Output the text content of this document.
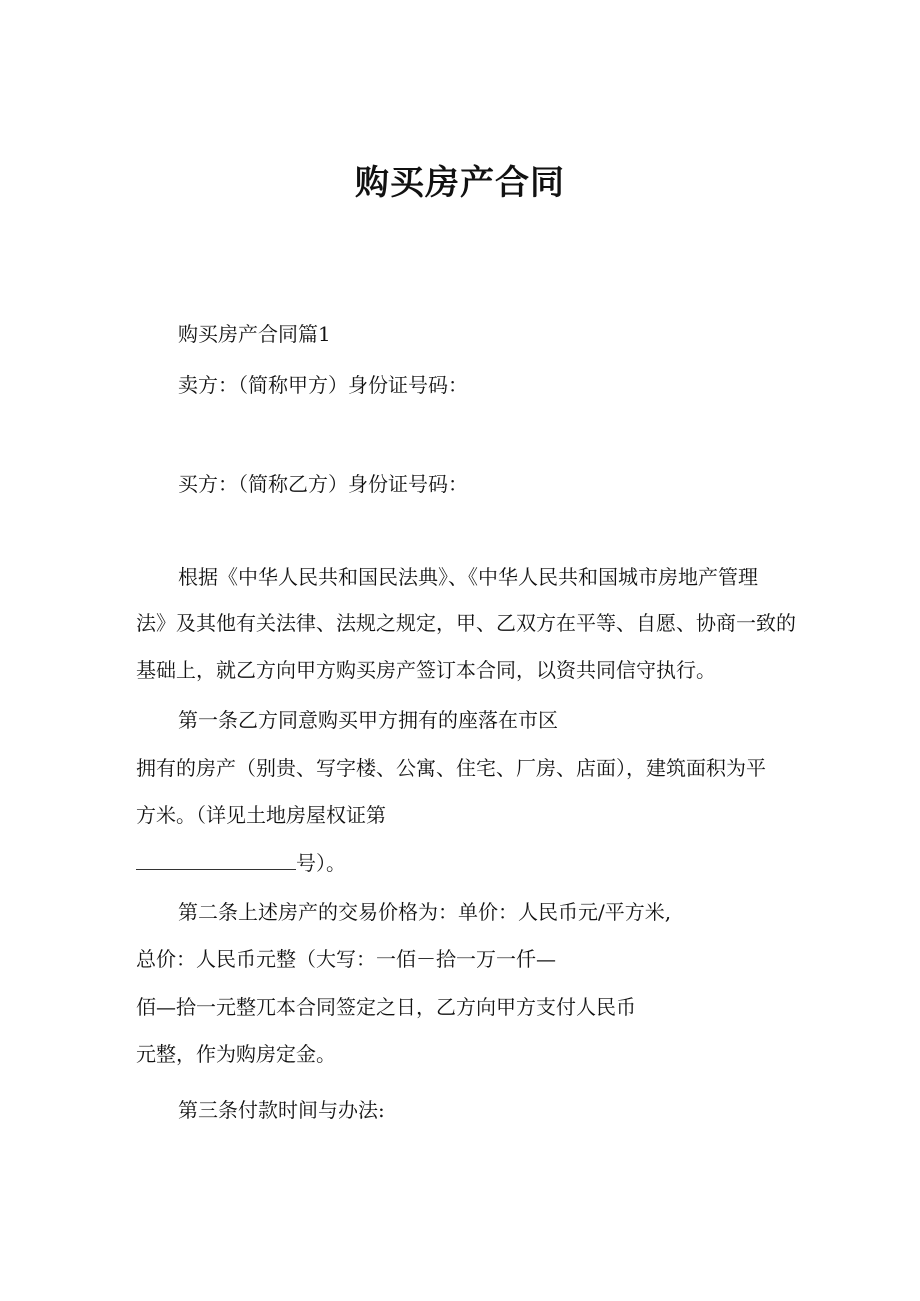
购买房产合同
购买房产合同篇1
卖方：（简称甲方）身份证号码：
买方：（简称乙方）身份证号码：
根据《中华人民共和国民法典》、《中华人民共和国城市房地产管理
法》及其他有关法律、法规之规定，甲、乙双方在平等、自愿、协商一致的
基础上，就乙方向甲方购买房产签订本合同，以资共同信守执行。
第一条乙方同意购买甲方拥有的座落在市区
拥有的房产（别贵、写字楼、公寓、住宅、厂房、店面），建筑面积为平
方米。（详见土地房屋权证第
号）。
第二条上述房产的交易价格为：单价：人民币元/平方米,
总价：人民币元整（大写：一佰－拾一万一仟—
佰—拾一元整兀本合同签定之日，乙方向甲方支付人民币
元整，作为购房定金。
第三条付款时间与办法:
